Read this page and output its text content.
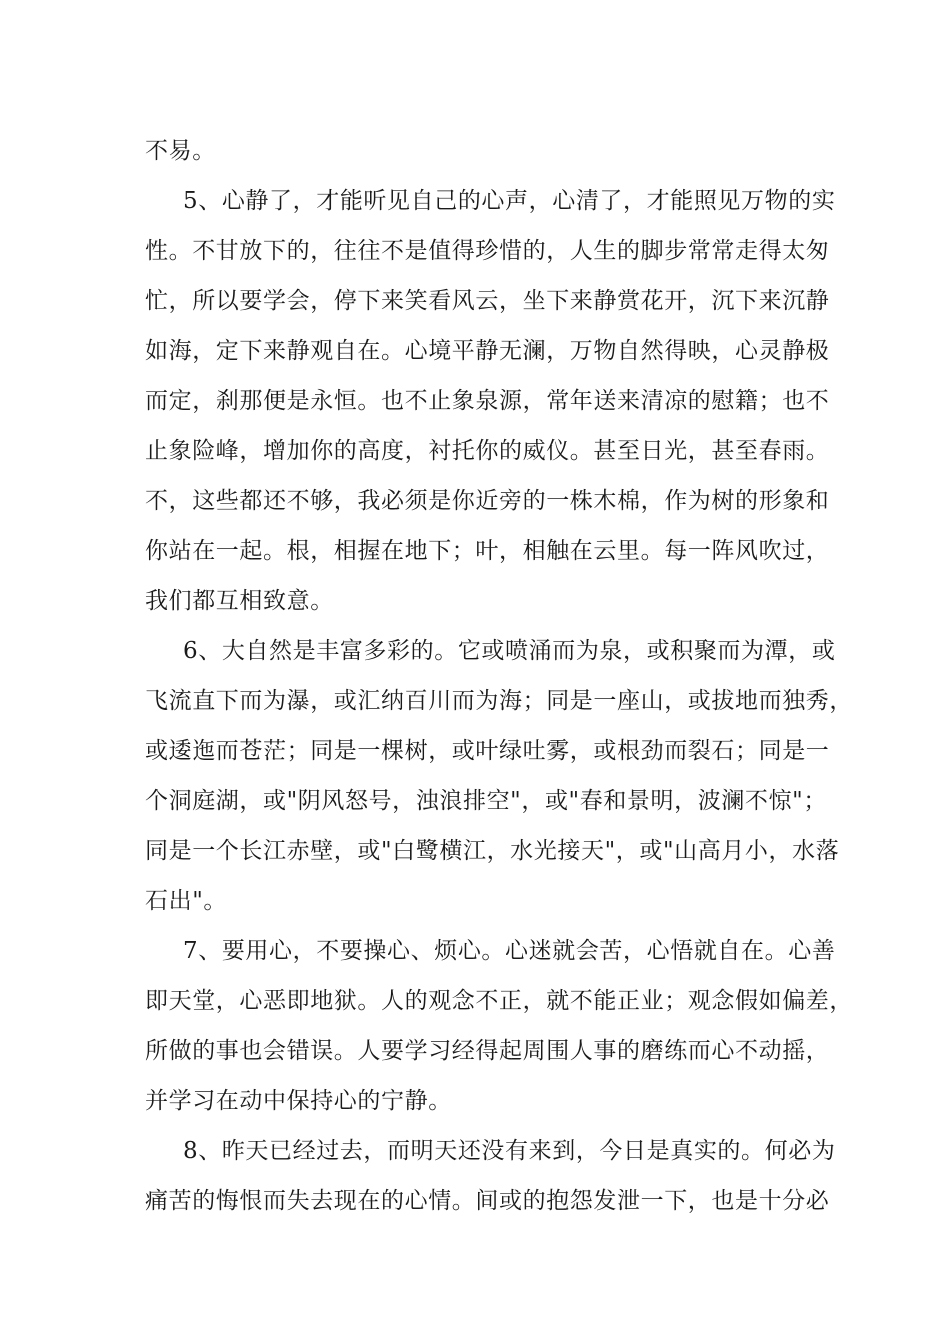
不易。
5、心静了，才能听见自己的心声，心清了，才能照见万物的实
性。不甘放下的，往往不是值得珍惜的，人生的脚步常常走得太匆
忙，所以要学会，停下来笑看风云，坐下来静赏花开，沉下来沉静
如海，定下来静观自在。心境平静无澜，万物自然得映，心灵静极
而定，刹那便是永恒。也不止象泉源，常年送来清凉的慰籍；也不
止象险峰，增加你的高度，衬托你的威仪。甚至日光，甚至春雨。
不，这些都还不够，我必须是你近旁的一株木棉，作为树的形象和
你站在一起。根，相握在地下；叶，相触在云里。每一阵风吹过，
我们都互相致意。
6、大自然是丰富多彩的。它或喷涌而为泉，或积聚而为潭，或
飞流直下而为瀑，或汇纳百川而为海；同是一座山，或拔地而独秀，
或逶迤而苍茫；同是一棵树，或叶绿吐雾，或根劲而裂石；同是一
个洞庭湖，或"阴风怒号，浊浪排空"，或"春和景明，波澜不惊"；
同是一个长江赤壁，或"白鹭横江，水光接天"，或"山高月小，水落
石出"。
7、要用心，不要操心、烦心。心迷就会苦，心悟就自在。心善
即天堂，心恶即地狱。人的观念不正，就不能正业；观念假如偏差，
所做的事也会错误。人要学习经得起周围人事的磨练而心不动摇，
并学习在动中保持心的宁静。
8、昨天已经过去，而明天还没有来到，今日是真实的。何必为
痛苦的悔恨而失去现在的心情。间或的抱怨发泄一下，也是十分必
